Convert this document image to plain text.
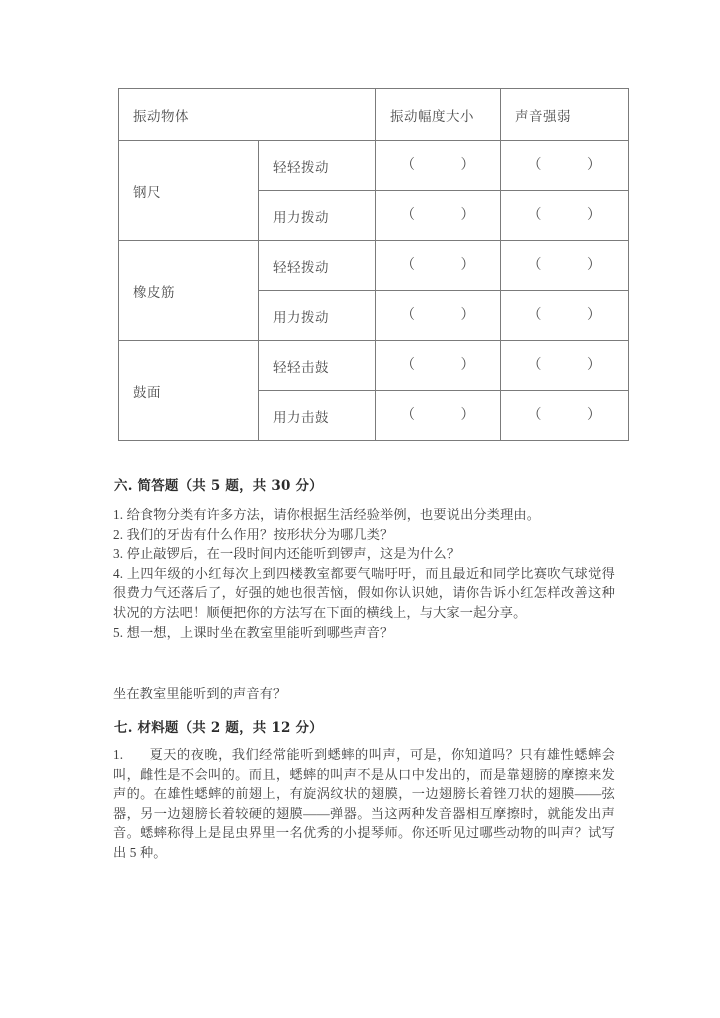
振动物体		振动幅度大小	声音强弱
钢尺	轻轻拨动	（ ）	（ ）

	用力拨动	（ ）	（ ）

橡皮筋	轻轻拨动	（ ）	（ ）

	用力拨动	（ ）	（ ）

鼓面	轻轻击鼓	（ ）	（ ）

	用力击鼓	（ ）	（ ）
六. 简答题（共 5 题，共 30 分）
1. 给食物分类有许多方法，请你根据生活经验举例，也要说出分类理由。
2. 我们的牙齿有什么作用？按形状分为哪几类？
3. 停止敲锣后，在一段时间内还能听到锣声，这是为什么？
4. 上四年级的小红每次上到四楼教室都要气喘吁吁，而且最近和同学比赛吹气球觉得很费力气还落后了，好强的她也很苦恼，假如你认识她，请你告诉小红怎样改善这种状况的方法吧！顺便把你的方法写在下面的横线上，与大家一起分享。
5. 想一想，上课时坐在教室里能听到哪些声音？
坐在教室里能听到的声音有？
七. 材料题（共 2 题，共 12 分）
1. 夏天的夜晚，我们经常能听到蟋蟀的叫声，可是，你知道吗？只有雄性蟋蟀会叫，雌性是不会叫的。而且，蟋蟀的叫声不是从口中发出的，而是靠翅膀的摩擦来发声的。在雄性蟋蟀的前翅上，有旋涡纹状的翅膜，一边翅膀长着锉刀状的翅膜——弦器，另一边翅膀长着较硬的翅膜——弹器。当这两种发音器相互摩擦时，就能发出声音。蟋蟀称得上是昆虫界里一名优秀的小提琴师。你还听见过哪些动物的叫声？试写出 5 种。
